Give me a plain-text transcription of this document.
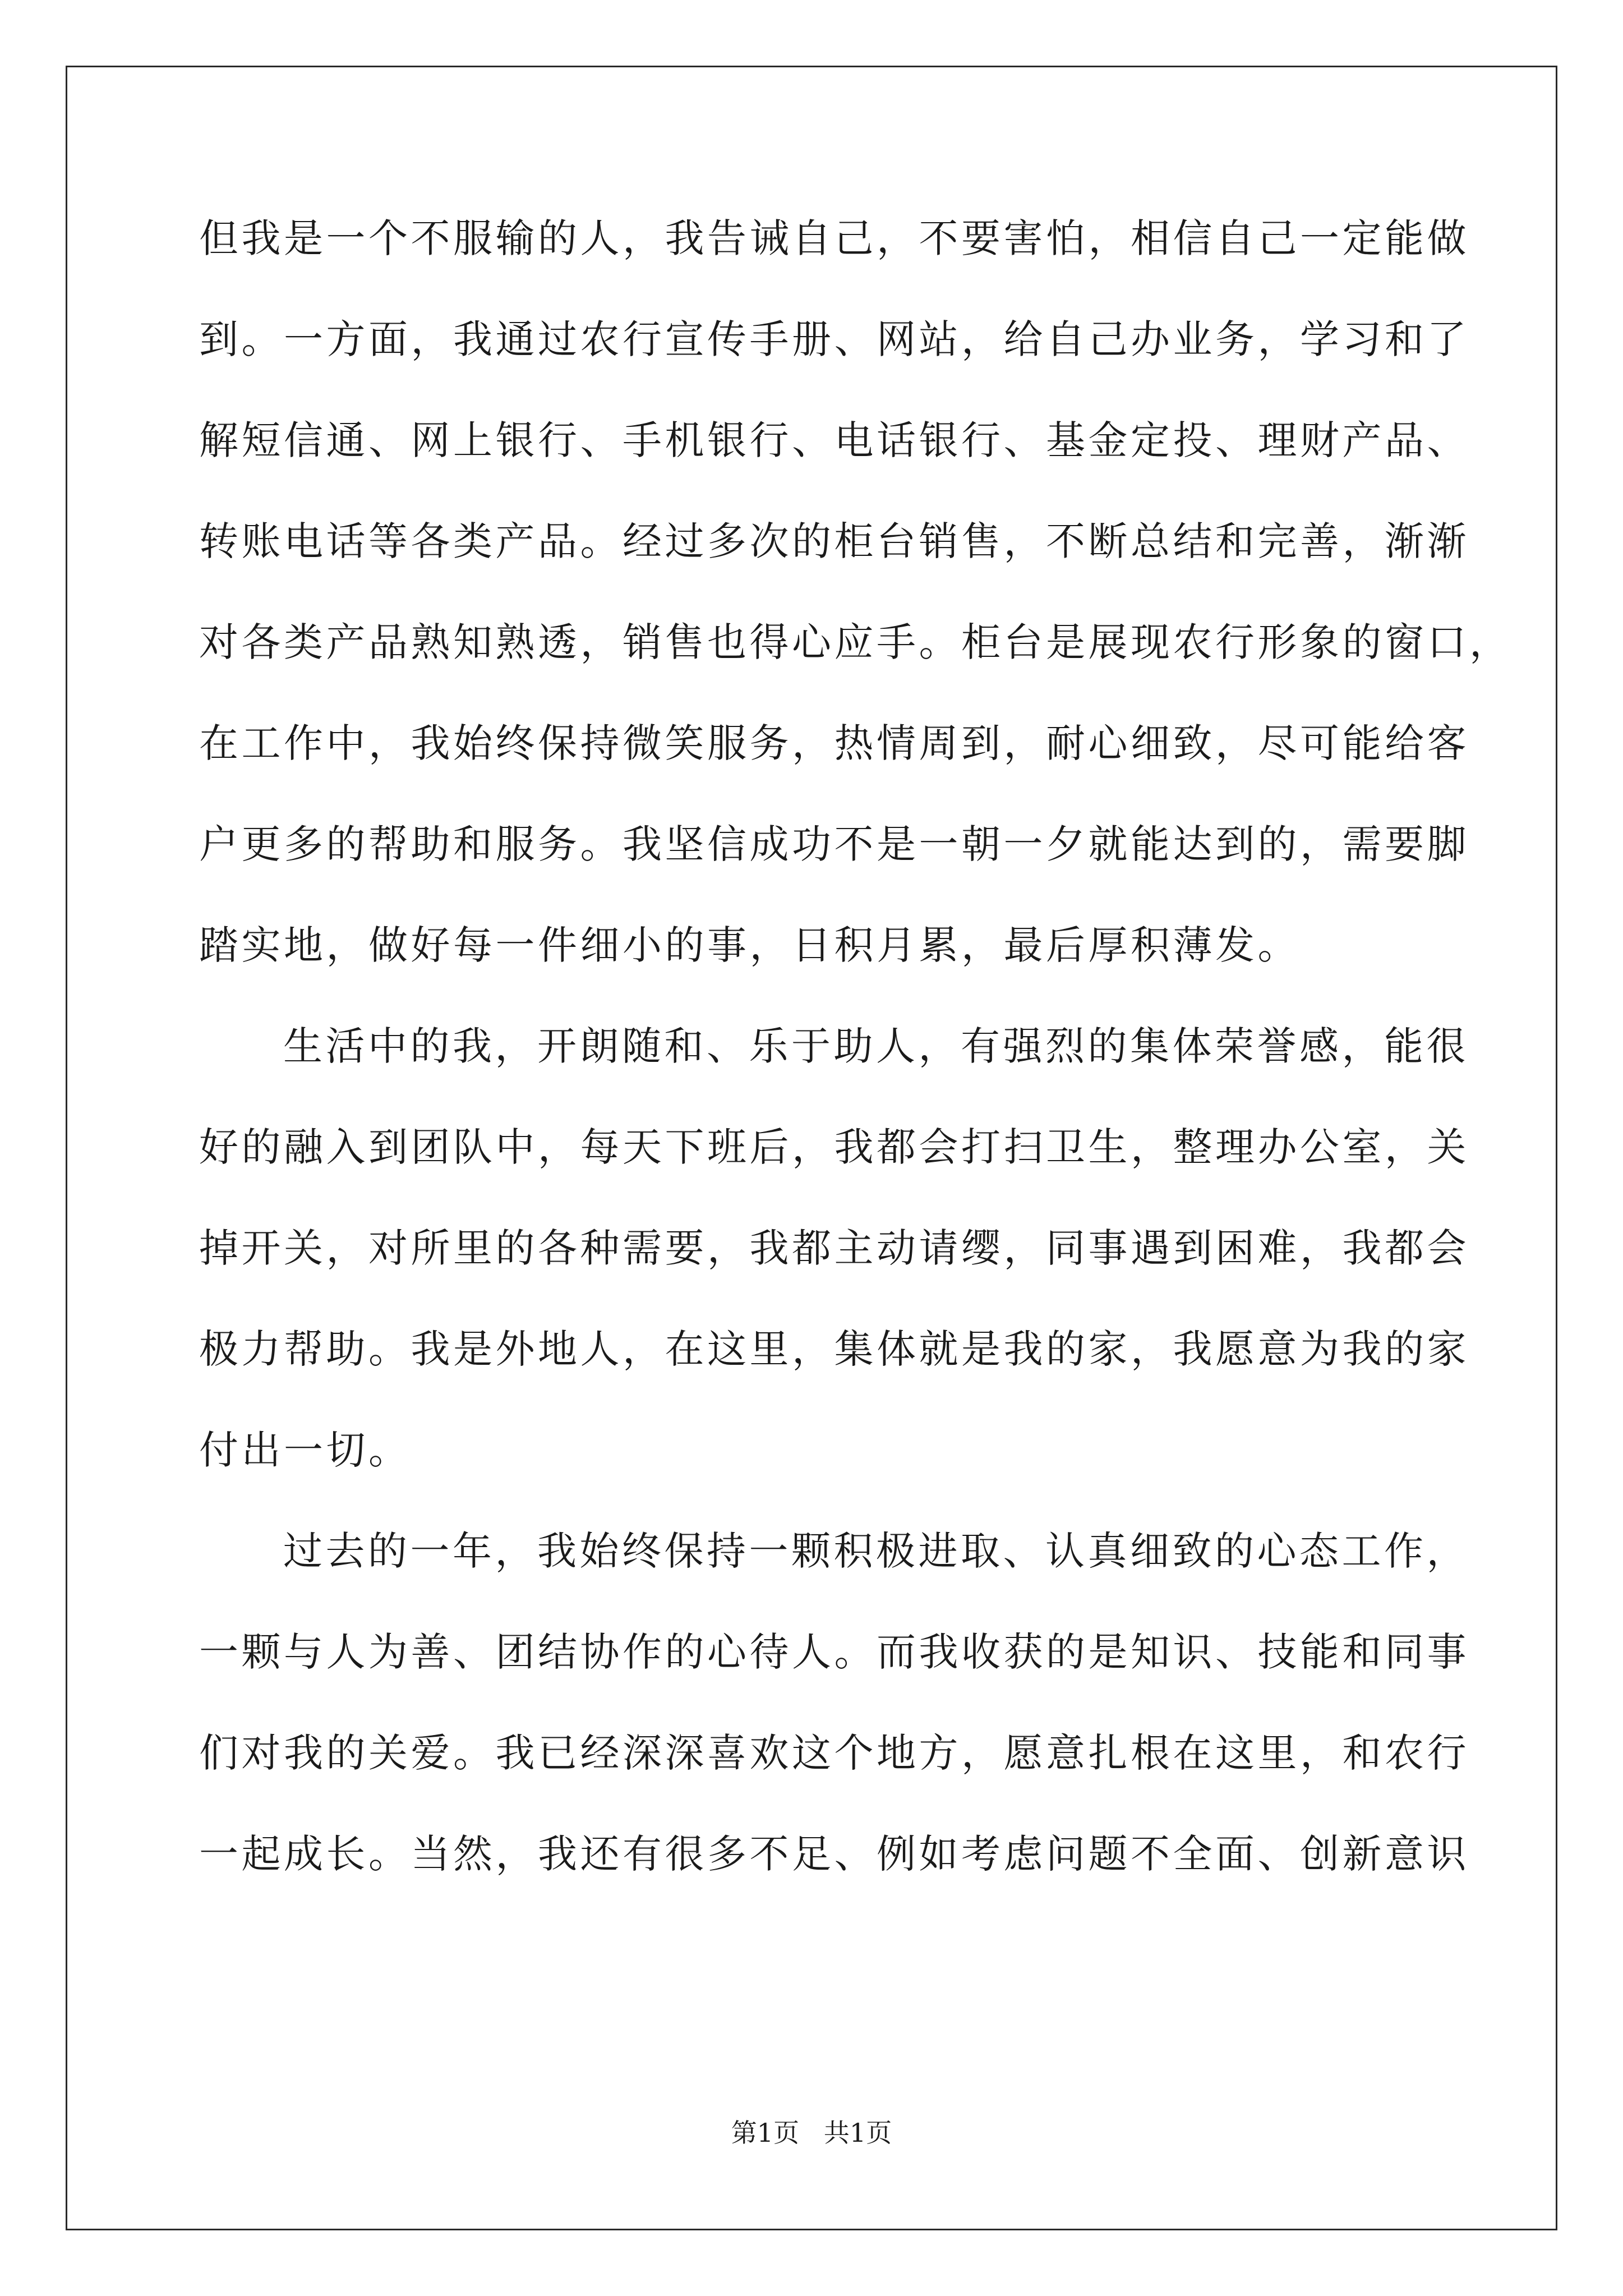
但我是一个不服输的人，我告诫自己，不要害怕，相信自己一定能做
到。一方面，我通过农行宣传手册、网站，给自己办业务，学习和了
解短信通、网上银行、手机银行、电话银行、基金定投、理财产品、
转账电话等各类产品。经过多次的柜台销售，不断总结和完善，渐渐
对各类产品熟知熟透，销售也得心应手。柜台是展现农行形象的窗口，
在工作中，我始终保持微笑服务，热情周到，耐心细致，尽可能给客
户更多的帮助和服务。我坚信成功不是一朝一夕就能达到的，需要脚
踏实地，做好每一件细小的事，日积月累，最后厚积薄发。
生活中的我，开朗随和、乐于助人，有强烈的集体荣誉感，能很
好的融入到团队中，每天下班后，我都会打扫卫生，整理办公室，关
掉开关，对所里的各种需要，我都主动请缨，同事遇到困难，我都会
极力帮助。我是外地人，在这里，集体就是我的家，我愿意为我的家
付出一切。
过去的一年，我始终保持一颗积极进取、认真细致的心态工作，
一颗与人为善、团结协作的心待人。而我收获的是知识、技能和同事
们对我的关爱。我已经深深喜欢这个地方，愿意扎根在这里，和农行
一起成长。当然，我还有很多不足、例如考虑问题不全面、创新意识
第1页   共1页
